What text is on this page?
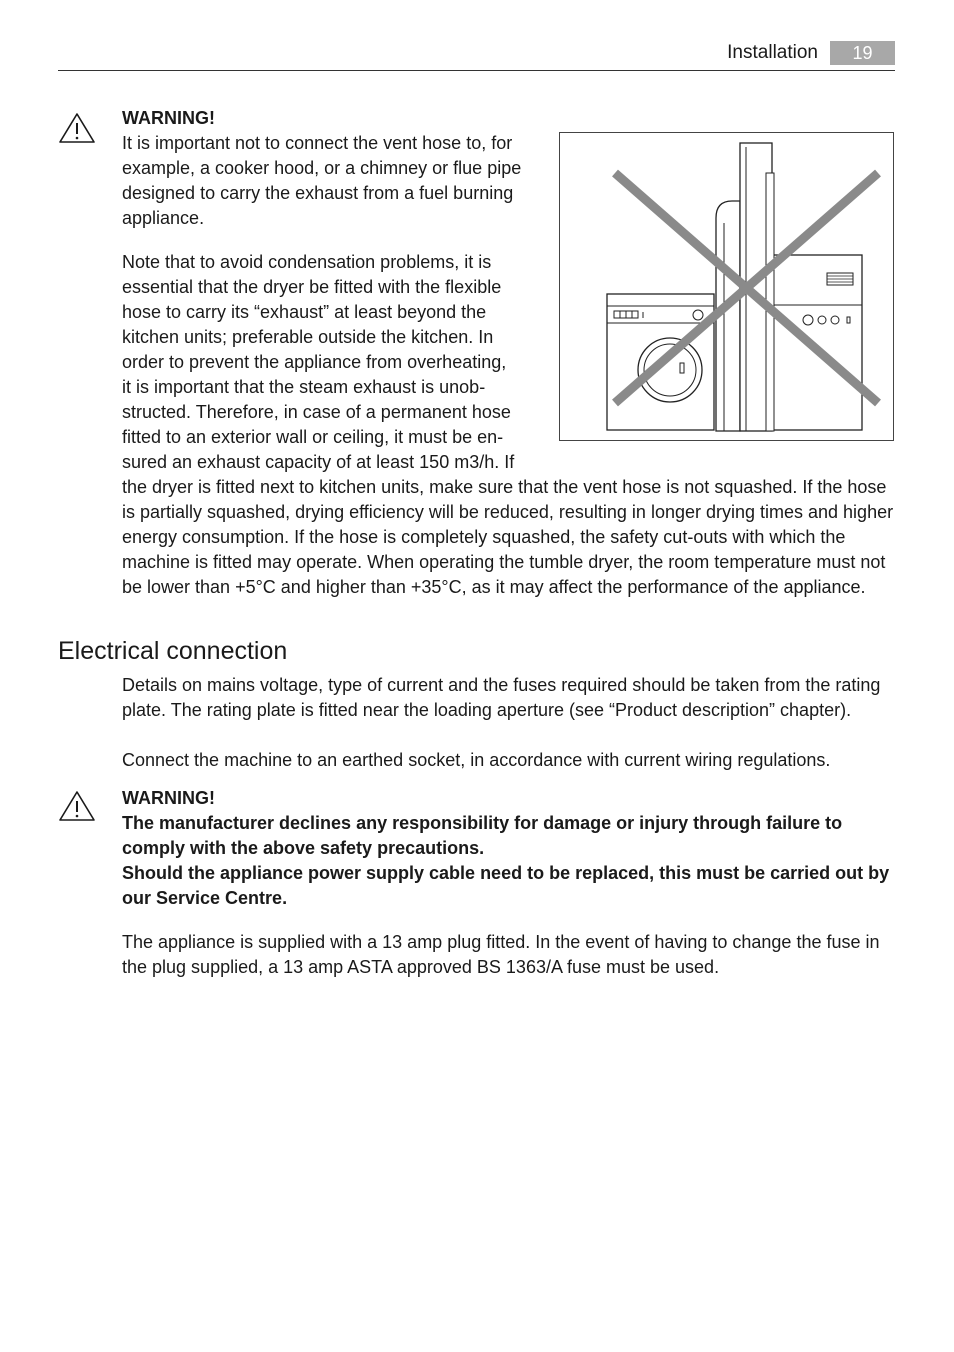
Installation	19
WARNING!
It is important not to connect the vent hose to, for example, a cooker hood, or a chimney or flue pipe designed to carry the exhaust from a fuel burning appliance.

Note that to avoid condensation problems, it is

essential that the dryer be fitted with the flexible

hose to carry its “exhaust” at least beyond the

kitchen units; preferable outside the kitchen. In

order to prevent the appliance from overheating,

it is important that the steam exhaust is unob-

structed. Therefore, in case of a permanent hose

fitted to an exterior wall or ceiling, it must be en-

sured an exhaust capacity of at least 150 m3/h. If

the dryer is fitted next to kitchen units, make sure that the vent hose is not squashed. If the hose is partially squashed, drying efficiency will be reduced, resulting in longer drying times and higher energy consumption. If the hose is completely squashed, the safety cut-outs with which the machine is fitted may operate. When operating the tumble dryer, the room temperature must not be lower than +5°C and higher than +35°C, as it may affect the performance of the appliance.
Electrical connection
Details on mains voltage, type of current and the fuses required should be taken from the rating plate. The rating plate is fitted near the loading aperture (see “Product description” chapter).
Connect the machine to an earthed socket, in accordance with current wiring regulations.
WARNING!
The manufacturer declines any responsibility for damage or injury through failure to comply with the above safety precautions.
Should the appliance power supply cable need to be replaced, this must be carried out by our Service Centre.
The appliance is supplied with a 13 amp plug fitted. In the event of having to change the fuse in the plug supplied, a 13 amp ASTA approved BS 1363/A fuse must be used.
